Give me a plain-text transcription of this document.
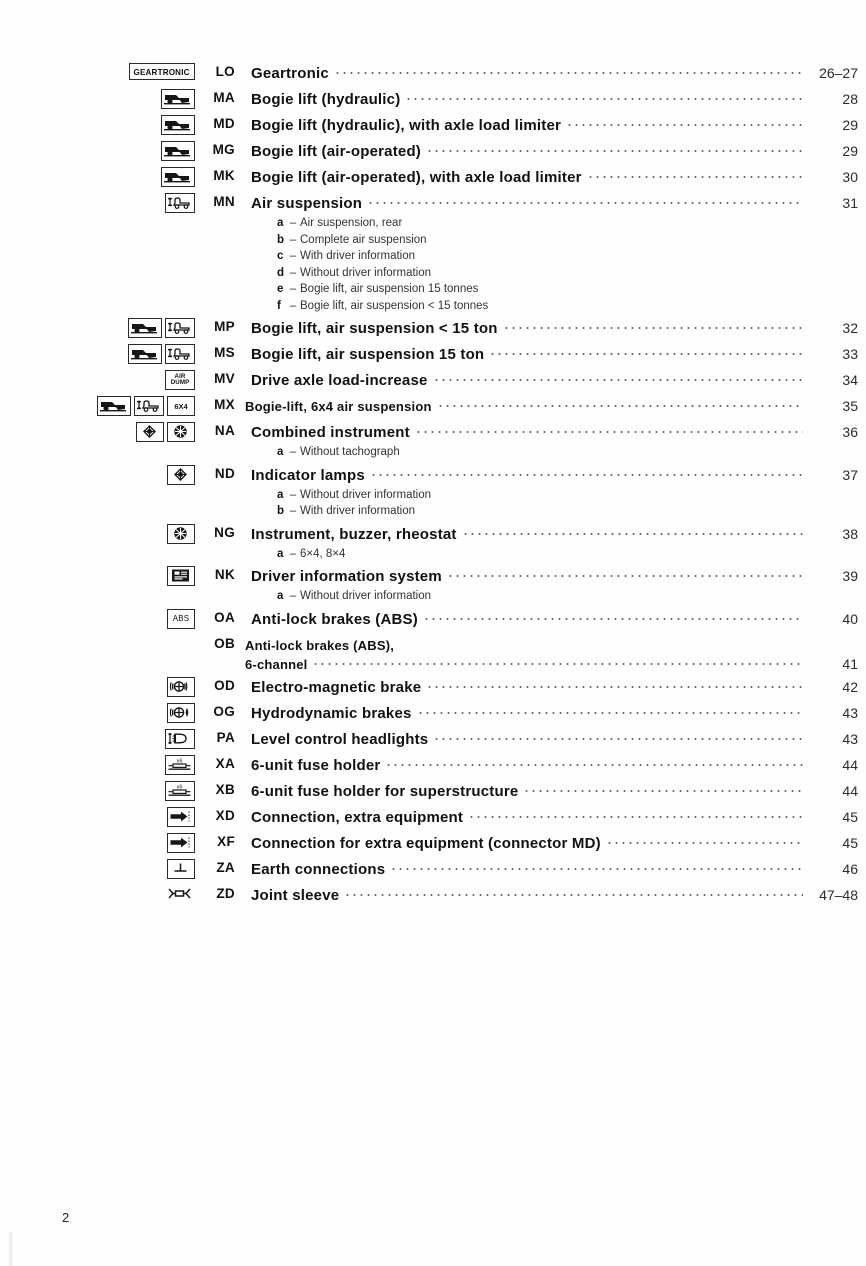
GEARTRONIC	LO Geartronic	26–27
MA Bogie lift (hydraulic)	28
MD Bogie lift (hydraulic), with axle load limiter	29
MG Bogie lift (air-operated)	29
MK Bogie lift (air-operated), with axle load limiter	30
MN Air suspension	31
a – Air suspension, rear
b – Complete air suspension
c – With driver information
d – Without driver information
e – Bogie lift, air suspension 15 tonnes
f – Bogie lift, air suspension < 15 tonnes
MP Bogie lift, air suspension < 15 ton	32
MS Bogie lift, air suspension 15 ton	33
AIR
DUMP	MV Drive axle load-increase	34
6X4	MX Bogie-lift, 6x4 air suspension	35
NA Combined instrument	36
a – Without tachograph
ND Indicator lamps	37
a – Without driver information
b – With driver information
NG Instrument, buzzer, rheostat	38
a – 6×4, 8×4
NK Driver information system	39
a – Without driver information
ABS	OA Anti-lock brakes (ABS)	40
OB Anti-lock brakes (ABS),
6-channel	41
OD Electro-magnetic brake	42
OG Hydrodynamic brakes	43
PA Level control headlights	43
x6	XA 6-unit fuse holder	44
x6	XB 6-unit fuse holder for superstructure	44
XD Connection, extra equipment	45
XF Connection for extra equipment (connector MD)	45
ZA Earth connections	46
ZD Joint sleeve	47–48
2
